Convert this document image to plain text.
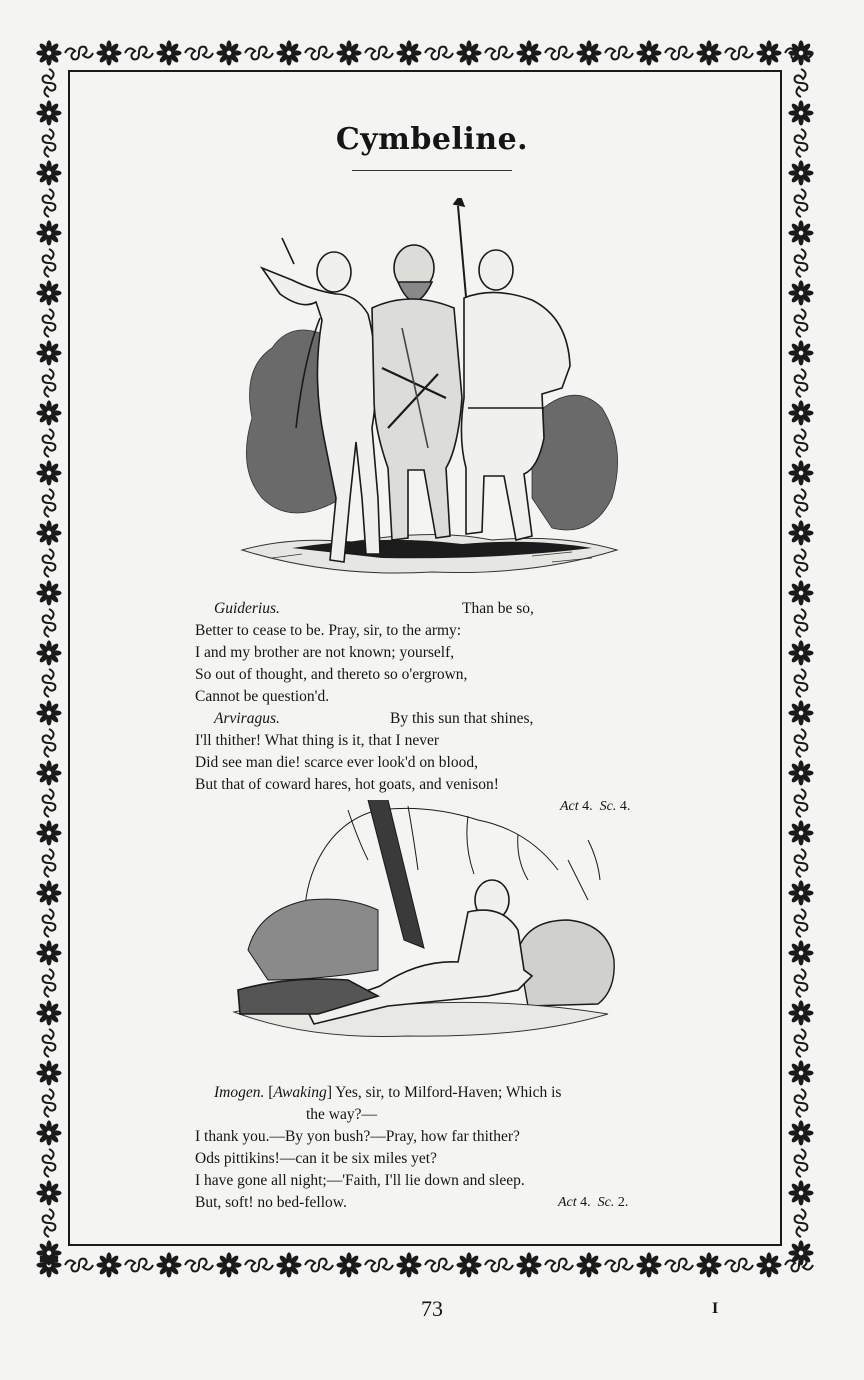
Cymbeline.
Guiderius.	Than be so,
Better to cease to be. Pray, sir, to the army:
I and my brother are not known; yourself,
So out of thought, and thereto so o'ergrown,
Cannot be question'd.
Arviragus.	By this sun that shines,
I'll thither! What thing is it, that I never
Did see man die! scarce ever look'd on blood,
But that of coward hares, hot goats, and venison!
Act 4. Sc. 4.
Imogen. [Awaking] Yes, sir, to Milford-Haven; Which is
the way?—
I thank you.—By yon bush?—Pray, how far thither?
Ods pittikins!—can it be six miles yet?
I have gone all night;—'Faith, I'll lie down and sleep.
But, soft! no bed-fellow.	Act 4. Sc. 2.
73	I
